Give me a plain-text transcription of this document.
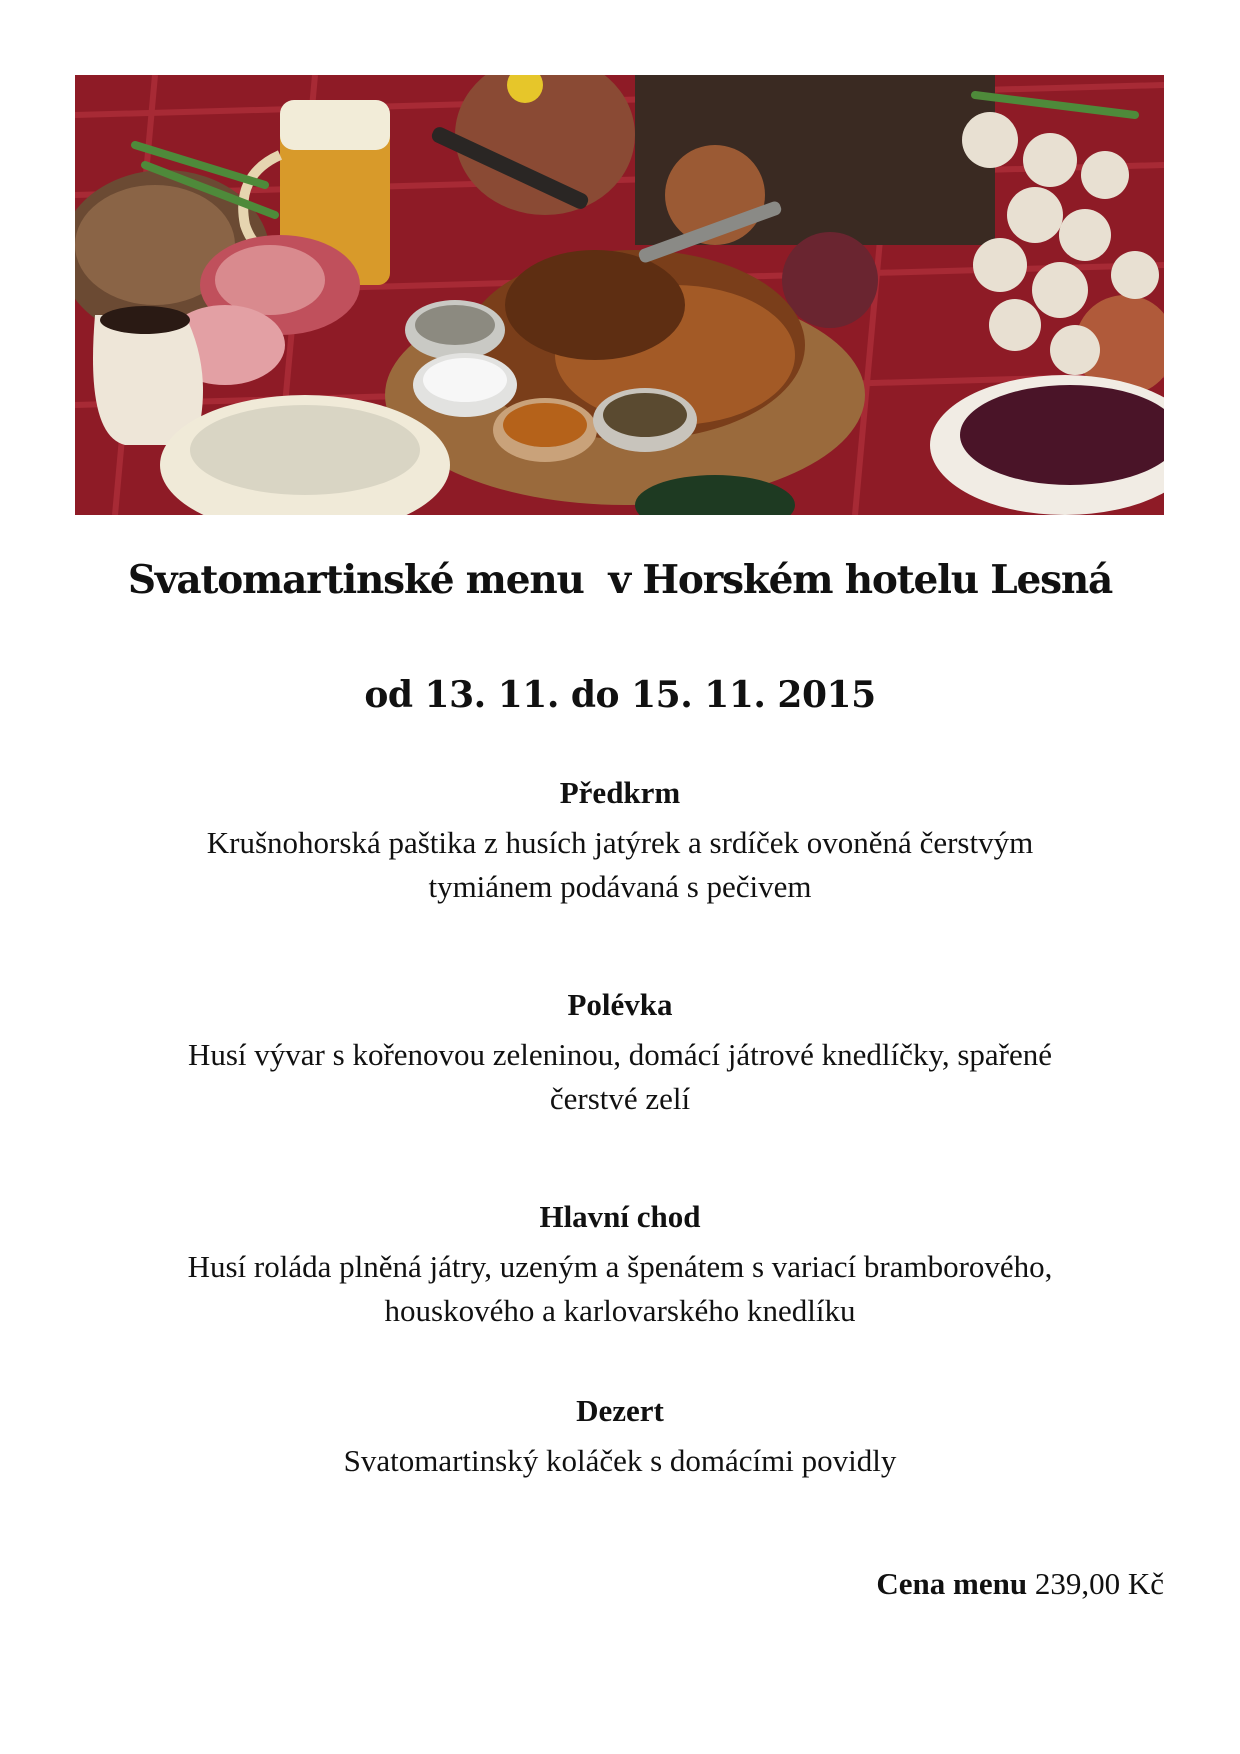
Svatomartinské menu  v Horském hotelu Lesná
od 13. 11. do 15. 11. 2015
Předkrm
Krušnohorská paštika z husích jatýrek a srdíček ovoněná čerstvým
tymiánem podávaná s pečivem
Polévka
Husí vývar s kořenovou zeleninou, domácí játrové knedlíčky, spařené
čerstvé zelí
Hlavní chod
Husí roláda plněná játry, uzeným a špenátem s variací bramborového,
houskového a karlovarského knedlíku
Dezert
Svatomartinský koláček s domácími povidly
Cena menu 239,00 Kč
